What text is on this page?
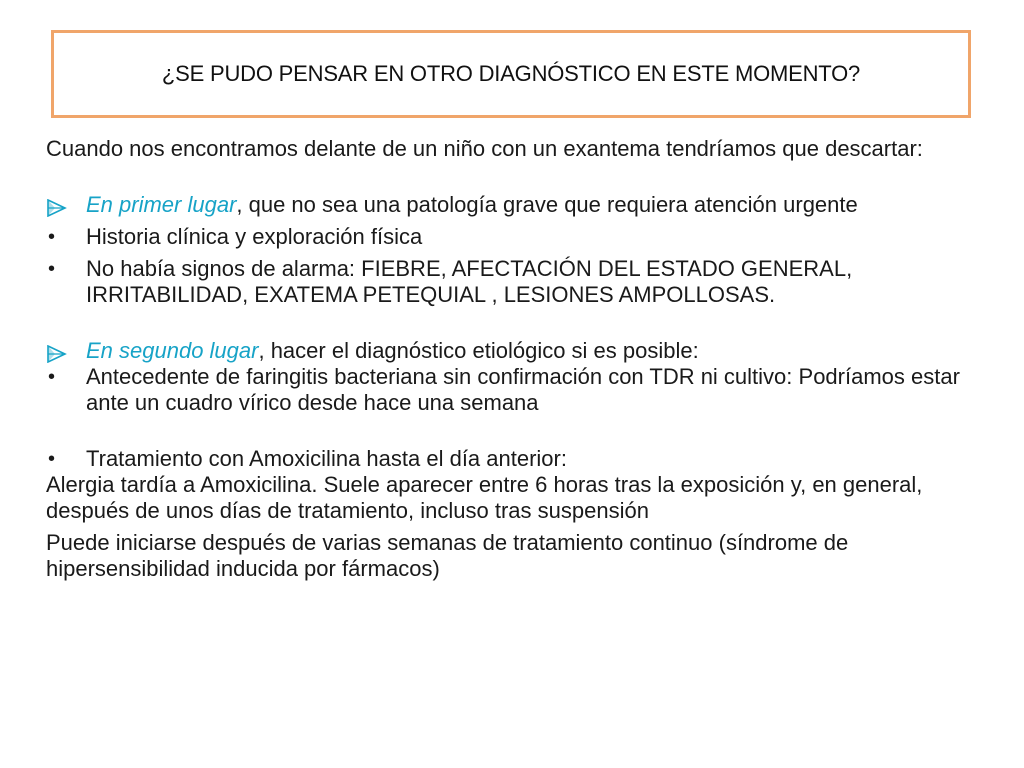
¿SE PUDO PENSAR EN OTRO DIAGNÓSTICO EN ESTE MOMENTO?

Cuando nos encontramos delante de un niño con un exantema tendríamos que descartar:

En primer lugar, que no sea una patología grave que requiera atención urgente
•	Historia clínica y exploración física
•	No había signos de alarma: FIEBRE, AFECTACIÓN DEL ESTADO GENERAL, IRRITABILIDAD, EXATEMA PETEQUIAL , LESIONES AMPOLLOSAS.
En segundo lugar, hacer el diagnóstico etiológico si es posible:
•	Antecedente de faringitis bacteriana sin confirmación con TDR ni cultivo: Podríamos estar ante un cuadro vírico desde hace una semana
•	Tratamiento con Amoxicilina hasta el día anterior:

Alergia tardía a Amoxicilina. Suele aparecer entre 6 horas tras la exposición y, en general, después de unos días de tratamiento, incluso tras suspensión

Puede iniciarse después de varias semanas de tratamiento continuo (síndrome de hipersensibilidad inducida por fármacos)
